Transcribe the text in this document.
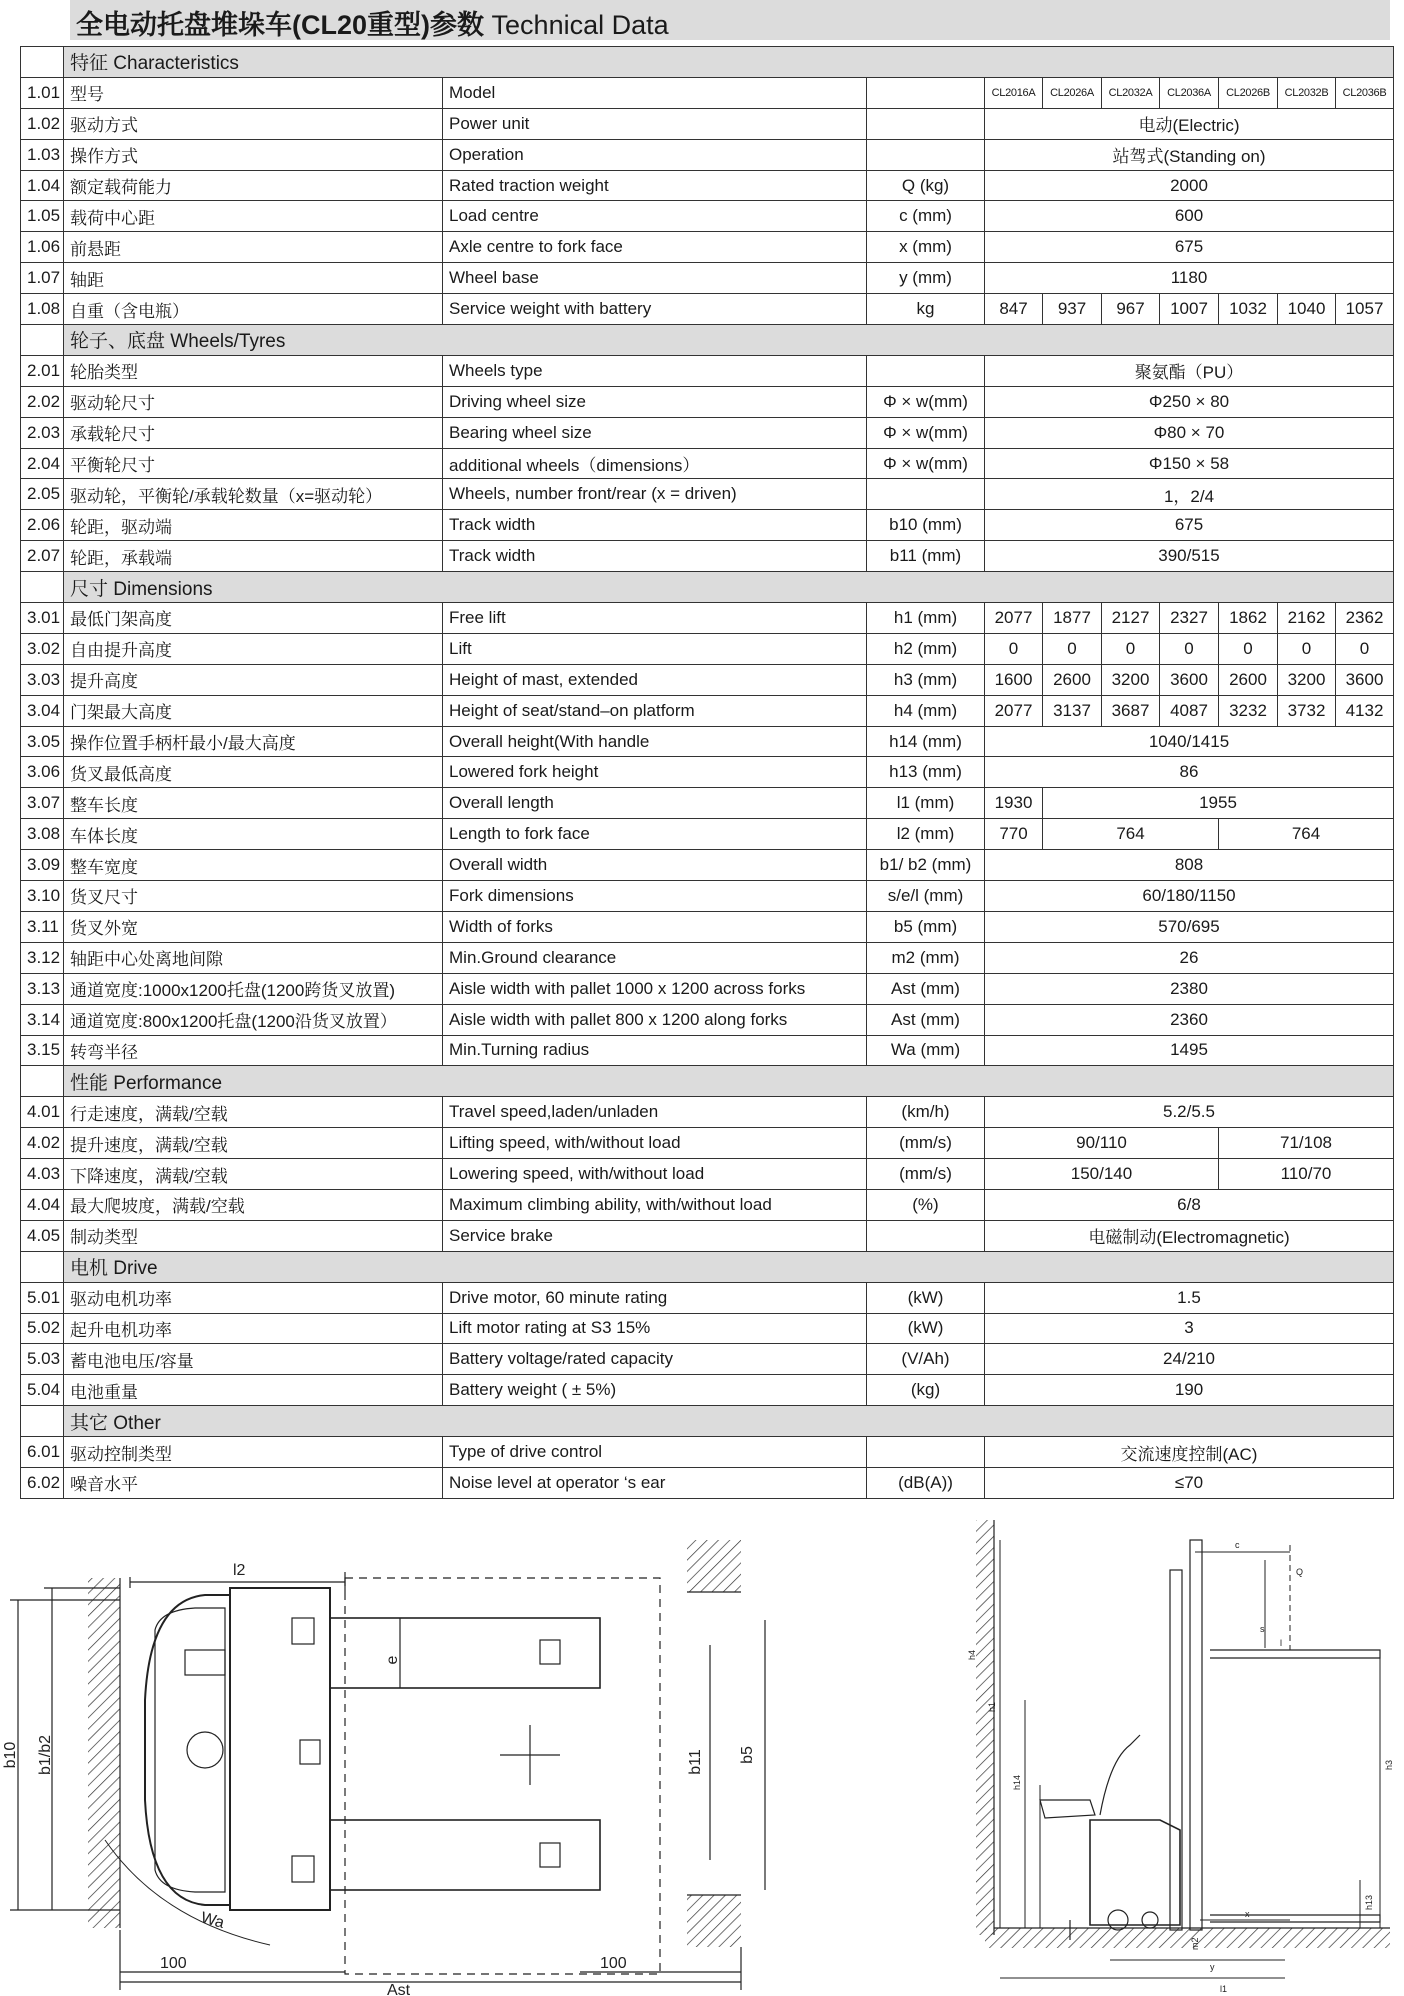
全电动托盘堆垛车(CL20重型)参数 Technical Data
	特征 Characteristics									
1.01	型号	Model		CL2016A	CL2026A	CL2032A	CL2036A	CL2026B	CL2032B	CL2036B
1.02	驱动方式	Power unit		电动(Electric)						
1.03	操作方式	Operation		站驾式(Standing on)						
1.04	额定载荷能力	Rated traction weight	Q (kg)	2000						
1.05	载荷中心距	Load centre	c (mm)	600						
1.06	前悬距	Axle centre to fork face	x (mm)	675						
1.07	轴距	Wheel base	y (mm)	1180						
1.08	自重（含电瓶）	Service weight with battery	kg	847	937	967	1007	1032	1040	1057
	轮子、底盘 Wheels/Tyres									
2.01	轮胎类型	Wheels type		聚氨酯（PU）						
2.02	驱动轮尺寸	Driving wheel size	Φ × w(mm)	Φ250 × 80						
2.03	承载轮尺寸	Bearing wheel size	Φ × w(mm)	Φ80 × 70						
2.04	平衡轮尺寸	additional wheels（dimensions）	Φ × w(mm)	Φ150 × 58						
2.05	驱动轮，平衡轮/承载轮数量（x=驱动轮）	Wheels, number front/rear (x = driven)		1，2/4						
2.06	轮距，驱动端	Track width	b10 (mm)	675						
2.07	轮距，承载端	Track width	b11 (mm)	390/515						
	尺寸 Dimensions									
3.01	最低门架高度	Free lift	h1 (mm)	2077	1877	2127	2327	1862	2162	2362
3.02	自由提升高度	Lift	h2 (mm)	0	0	0	0	0	0	0
3.03	提升高度	Height of mast, extended	h3 (mm)	1600	2600	3200	3600	2600	3200	3600
3.04	门架最大高度	Height of seat/stand–on platform	h4 (mm)	2077	3137	3687	4087	3232	3732	4132
3.05	操作位置手柄杆最小/最大高度	Overall height(With handle	h14 (mm)	1040/1415						
3.06	货叉最低高度	Lowered fork height	h13 (mm)	86						
3.07	整车长度	Overall length	l1 (mm)	1930	1955					
3.08	车体长度	Length to fork face	l2 (mm)	770	764			764		
3.09	整车宽度	Overall width	b1/ b2 (mm)	808						
3.10	货叉尺寸	Fork dimensions	s/e/l (mm)	60/180/1150						
3.11	货叉外宽	Width of forks	b5 (mm)	570/695						
3.12	轴距中心处离地间隙	Min.Ground clearance	m2 (mm)	26						
3.13	通道宽度:1000x1200托盘(1200跨货叉放置)	Aisle width with pallet 1000 x 1200 across forks	Ast (mm)	2380						
3.14	通道宽度:800x1200托盘(1200沿货叉放置）	Aisle width with pallet 800 x 1200 along forks	Ast (mm)	2360						
3.15	转弯半径	Min.Turning radius	Wa (mm)	1495						
	性能 Performance									
4.01	行走速度，满载/空载	Travel speed,laden/unladen	(km/h)	5.2/5.5						
4.02	提升速度，满载/空载	Lifting speed, with/without load	(mm/s)	90/110				71/108		
4.03	下降速度，满载/空载	Lowering speed, with/without load	(mm/s)	150/140				110/70		
4.04	最大爬坡度，满载/空载	Maximum climbing ability, with/without load	(%)	6/8						
4.05	制动类型	Service brake		电磁制动(Electromagnetic)						
	电机 Drive									
5.01	驱动电机功率	Drive motor, 60 minute rating	(kW)	1.5						
5.02	起升电机功率	Lift motor rating at S3 15%	(kW)	3						
5.03	蓄电池电压/容量	Battery voltage/rated capacity	(V/Ah)	24/210						
5.04	电池重量	Battery weight ( ± 5%)	(kg)	190						
	其它 Other									
6.01	驱动控制类型	Type of drive control		交流速度控制(AC)						
6.02	噪音水平	Noise level at operator ‘s ear	(dB(A))	≤70						
l2
b10 b1/b2
e
b11 b5
Wa
100	100
Ast
c
Q
s
l
h4
h1
h14
h3
h13
x
m2
y
l1
